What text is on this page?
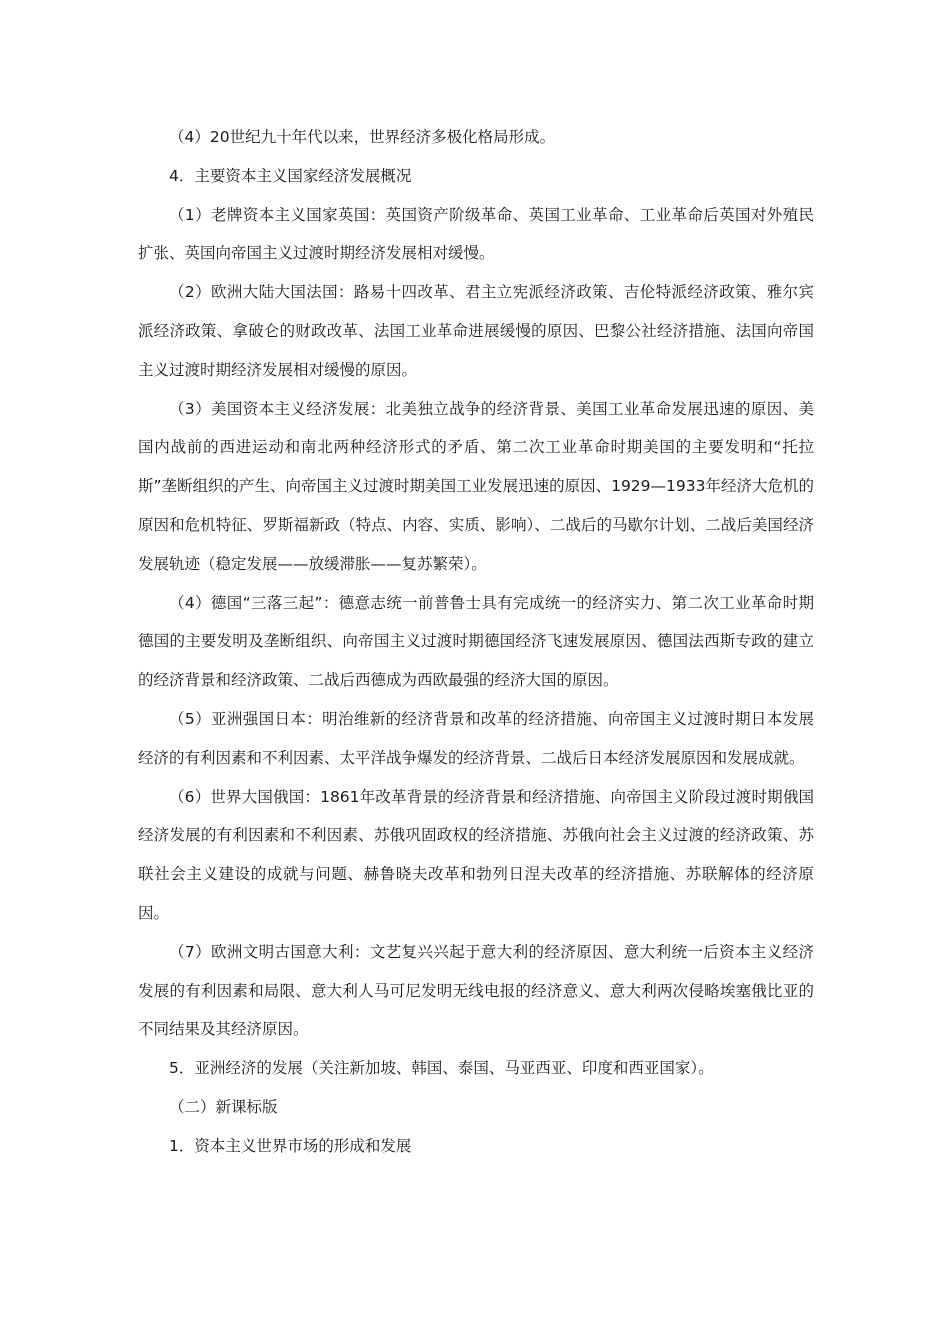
（4）20世纪九十年代以来，世界经济多极化格局形成。

4．主要资本主义国家经济发展概况

（1）老牌资本主义国家英国：英国资产阶级革命、英国工业革命、工业革命后英国对外殖民扩张、英国向帝国主义过渡时期经济发展相对缓慢。

（2）欧洲大陆大国法国：路易十四改革、君主立宪派经济政策、吉伦特派经济政策、雅尔宾派经济政策、拿破仑的财政改革、法国工业革命进展缓慢的原因、巴黎公社经济措施、法国向帝国主义过渡时期经济发展相对缓慢的原因。

（3）美国资本主义经济发展：北美独立战争的经济背景、美国工业革命发展迅速的原因、美国内战前的西进运动和南北两种经济形式的矛盾、第二次工业革命时期美国的主要发明和“托拉斯”垄断组织的产生、向帝国主义过渡时期美国工业发展迅速的原因、1929—1933年经济大危机的原因和危机特征、罗斯福新政（特点、内容、实质、影响）、二战后的马歇尔计划、二战后美国经济发展轨迹（稳定发展——放缓滞胀——复苏繁荣）。

（4）德国“三落三起”：德意志统一前普鲁士具有完成统一的经济实力、第二次工业革命时期德国的主要发明及垄断组织、向帝国主义过渡时期德国经济飞速发展原因、德国法西斯专政的建立的经济背景和经济政策、二战后西德成为西欧最强的经济大国的原因。

（5）亚洲强国日本：明治维新的经济背景和改革的经济措施、向帝国主义过渡时期日本发展经济的有利因素和不利因素、太平洋战争爆发的经济背景、二战后日本经济发展原因和发展成就。

（6）世界大国俄国：1861年改革背景的经济背景和经济措施、向帝国主义阶段过渡时期俄国经济发展的有利因素和不利因素、苏俄巩固政权的经济措施、苏俄向社会主义过渡的经济政策、苏联社会主义建设的成就与问题、赫鲁晓夫改革和勃列日涅夫改革的经济措施、苏联解体的经济原因。

（7）欧洲文明古国意大利：文艺复兴兴起于意大利的经济原因、意大利统一后资本主义经济发展的有利因素和局限、意大利人马可尼发明无线电报的经济意义、意大利两次侵略埃塞俄比亚的不同结果及其经济原因。

5．亚洲经济的发展（关注新加坡、韩国、泰国、马亚西亚、印度和西亚国家）。

（二）新课标版

1．资本主义世界市场的形成和发展
